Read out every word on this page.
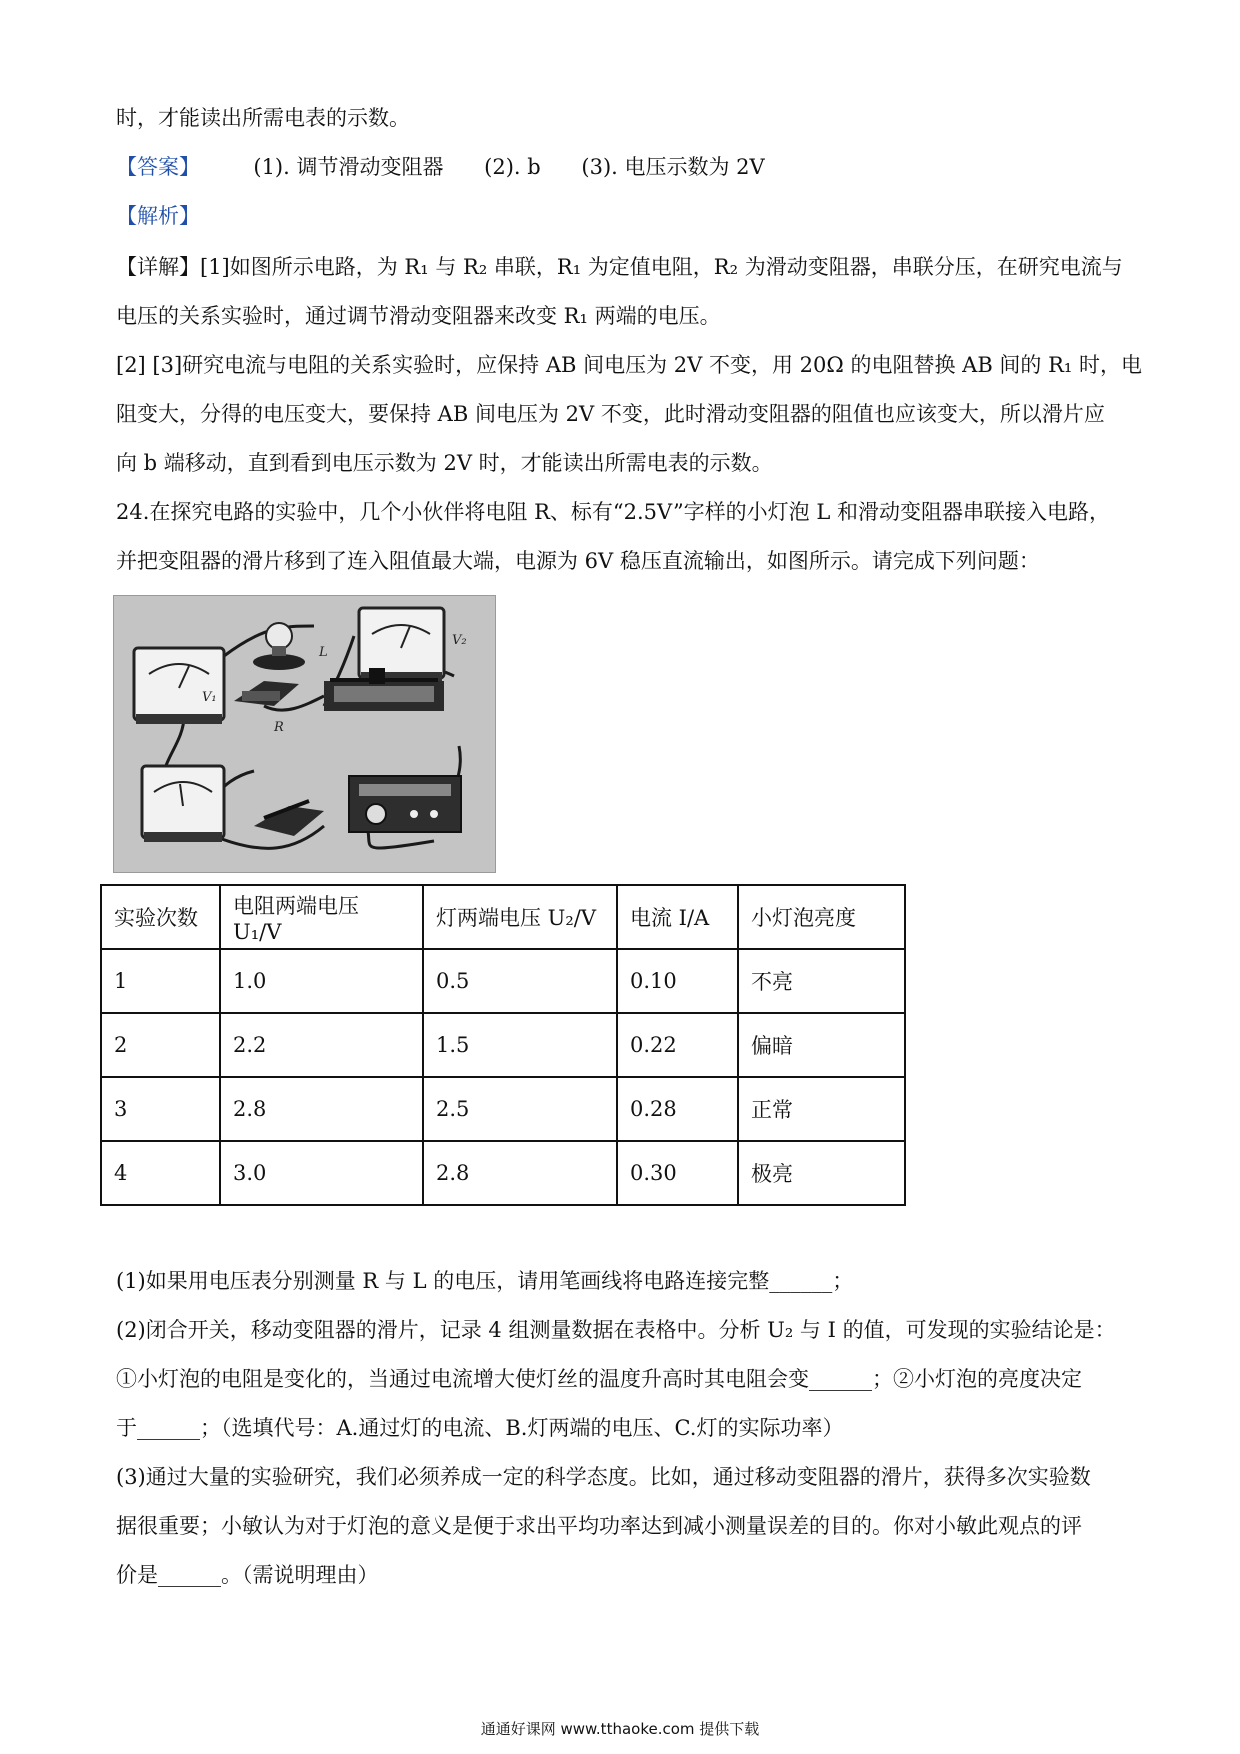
时，才能读出所需电表的示数。
【答案】	(1). 调节滑动变阻器 (2). b (3). 电压示数为 2V
【解析】
【详解】[1]如图所示电路，为 R₁ 与 R₂ 串联，R₁ 为定值电阻，R₂ 为滑动变阻器，串联分压，在研究电流与
电压的关系实验时，通过调节滑动变阻器来改变 R₁ 两端的电压。
[2] [3]研究电流与电阻的关系实验时，应保持 AB 间电压为 2V 不变，用 20Ω 的电阻替换 AB 间的 R₁ 时，电
阻变大，分得的电压变大，要保持 AB 间电压为 2V 不变，此时滑动变阻器的阻值也应该变大，所以滑片应
向 b 端移动，直到看到电压示数为 2V 时，才能读出所需电表的示数。
24.在探究电路的实验中，几个小伙伴将电阻 R、标有“2.5V”字样的小灯泡 L 和滑动变阻器串联接入电路，
并把变阻器的滑片移到了连入阻值最大端，电源为 6V 稳压直流输出，如图所示。请完成下列问题：
V₁
V₂
L
R
实验次数	电阻两端电压 U₁/V	灯两端电压 U₂/V	电流 I/A	小灯泡亮度
1	1.0	0.5	0.10	不亮
2	2.2	1.5	0.22	偏暗
3	2.8	2.5	0.28	正常
4	3.0	2.8	0.30	极亮
(1)如果用电压表分别测量 R 与 L 的电压，请用笔画线将电路连接完整______；
(2)闭合开关，移动变阻器的滑片，记录 4 组测量数据在表格中。分析 U₂ 与 I 的值，可发现的实验结论是：
①小灯泡的电阻是变化的，当通过电流增大使灯丝的温度升高时其电阻会变______；②小灯泡的亮度决定
于______；（选填代号：A.通过灯的电流、B.灯两端的电压、C.灯的实际功率）
(3)通过大量的实验研究，我们必须养成一定的科学态度。比如，通过移动变阻器的滑片，获得多次实验数
据很重要；小敏认为对于灯泡的意义是便于求出平均功率达到减小测量误差的目的。你对小敏此观点的评
价是______。（需说明理由）
通通好课网 www.tthaoke.com 提供下载
